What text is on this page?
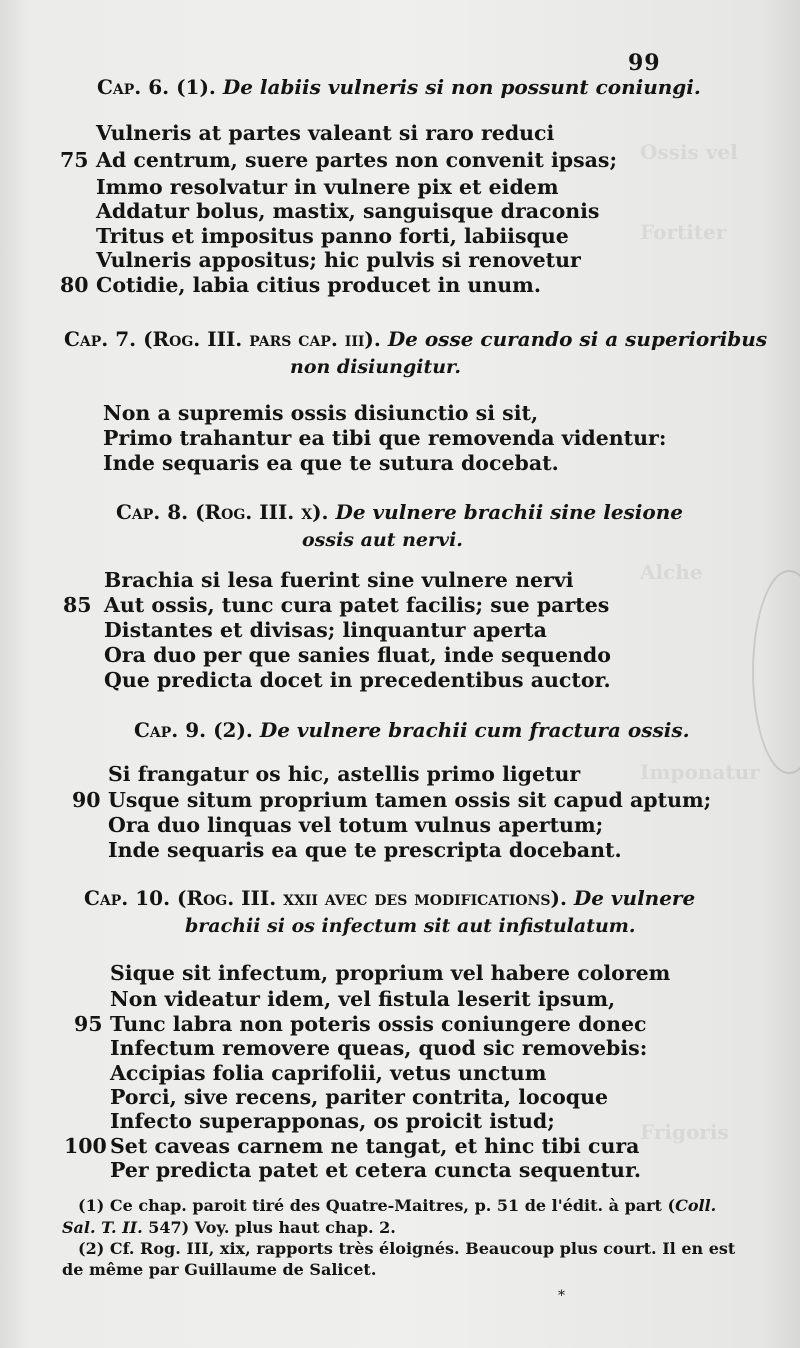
Ossis vel
Fortiter
Alche
Imponatur
Frigoris
99
Cap. 6. (1). De labiis vulneris si non possunt coniungi.
Vulneris at partes valeant si raro reduci
75 Ad centrum, suere partes non convenit ipsas;
Immo resolvatur in vulnere pix et eidem
Addatur bolus, mastix, sanguisque draconis
Tritus et impositus panno forti, labiisque
Vulneris appositus; hic pulvis si renovetur
80 Cotidie, labia citius producet in unum.
Cap. 7. (Rog. III. pars cap. iii). De osse curando si a superioribus
non disiungitur.
Non a supremis ossis disiunctio si sit,
Primo trahantur ea tibi que removenda videntur:
Inde sequaris ea que te sutura docebat.
Cap. 8. (Rog. III. x). De vulnere brachii sine lesione
ossis aut nervi.
Brachia si lesa fuerint sine vulnere nervi
85 Aut ossis, tunc cura patet facilis; sue partes
Distantes et divisas; linquantur aperta
Ora duo per que sanies fluat, inde sequendo
Que predicta docet in precedentibus auctor.
Cap. 9. (2). De vulnere brachii cum fractura ossis.
Si frangatur os hic, astellis primo ligetur
90 Usque situm proprium tamen ossis sit capud aptum;
Ora duo linquas vel totum vulnus apertum;
Inde sequaris ea que te prescripta docebant.
Cap. 10. (Rog. III. xxii avec des modifications). De vulnere
brachii si os infectum sit aut infistulatum.
Sique sit infectum, proprium vel habere colorem
Non videatur idem, vel fistula leserit ipsum,
95 Tunc labra non poteris ossis coniungere donec
Infectum removere queas, quod sic removebis:
Accipias folia caprifolii, vetus unctum
Porci, sive recens, pariter contrita, locoque
Infecto superapponas, os proicit istud;
100 Set caveas carnem ne tangat, et hinc tibi cura
Per predicta patet et cetera cuncta sequentur.
(1) Ce chap. paroit tiré des Quatre-Maitres, p. 51 de l'édit. à part (Coll.
Sal. T. II. 547) Voy. plus haut chap. 2.
(2) Cf. Rog. III, xix, rapports très éloignés. Beaucoup plus court. Il en est
de même par Guillaume de Salicet.
*
